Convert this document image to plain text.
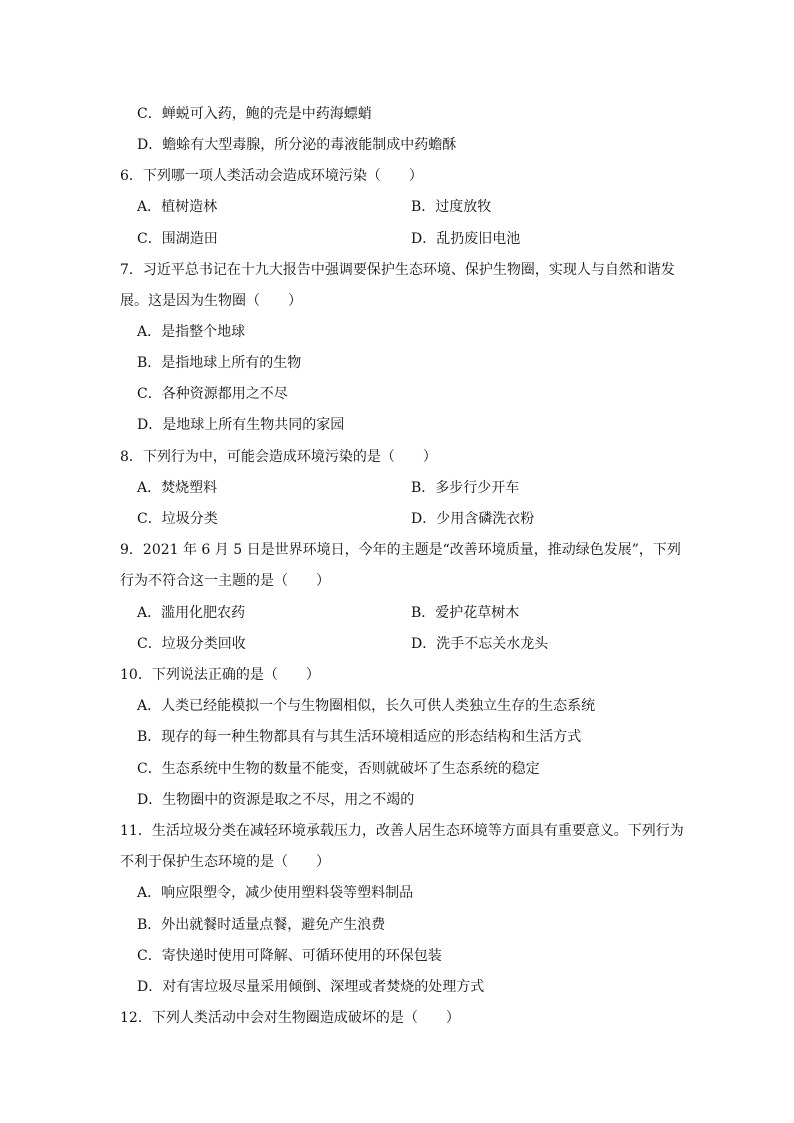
C．蝉蜕可入药，鲍的壳是中药海螵蛸
D．蟾蜍有大型毒腺，所分泌的毒液能制成中药蟾酥
6．下列哪一项人类活动会造成环境污染（　　）
A．植树造林	B．过度放牧
C．围湖造田	D．乱扔废旧电池
7．习近平总书记在十九大报告中强调要保护生态环境、保护生物圈，实现人与自然和谐发
展。这是因为生物圈（　　）
A．是指整个地球
B．是指地球上所有的生物
C．各种资源都用之不尽
D．是地球上所有生物共同的家园
8．下列行为中，可能会造成环境污染的是（　　）
A．焚烧塑料	B．多步行少开车
C．垃圾分类	D．少用含磷洗衣粉
9．2021 年 6 月 5 日是世界环境日，今年的主题是“改善环境质量，推动绿色发展”，下列
行为不符合这一主题的是（　　）
A．滥用化肥农药	B．爱护花草树木
C．垃圾分类回收	D．洗手不忘关水龙头
10．下列说法正确的是（　　）
A．人类已经能模拟一个与生物圈相似，长久可供人类独立生存的生态系统
B．现存的每一种生物都具有与其生活环境相适应的形态结构和生活方式
C．生态系统中生物的数量不能变，否则就破坏了生态系统的稳定
D．生物圈中的资源是取之不尽，用之不竭的
11．生活垃圾分类在减轻环境承载压力，改善人居生态环境等方面具有重要意义。下列行为
不利于保护生态环境的是（　　）
A．响应限塑令，减少使用塑料袋等塑料制品
B．外出就餐时适量点餐，避免产生浪费
C．寄快递时使用可降解、可循环使用的环保包装
D．对有害垃圾尽量采用倾倒、深埋或者焚烧的处理方式
12．下列人类活动中会对生物圈造成破坏的是（　　）
